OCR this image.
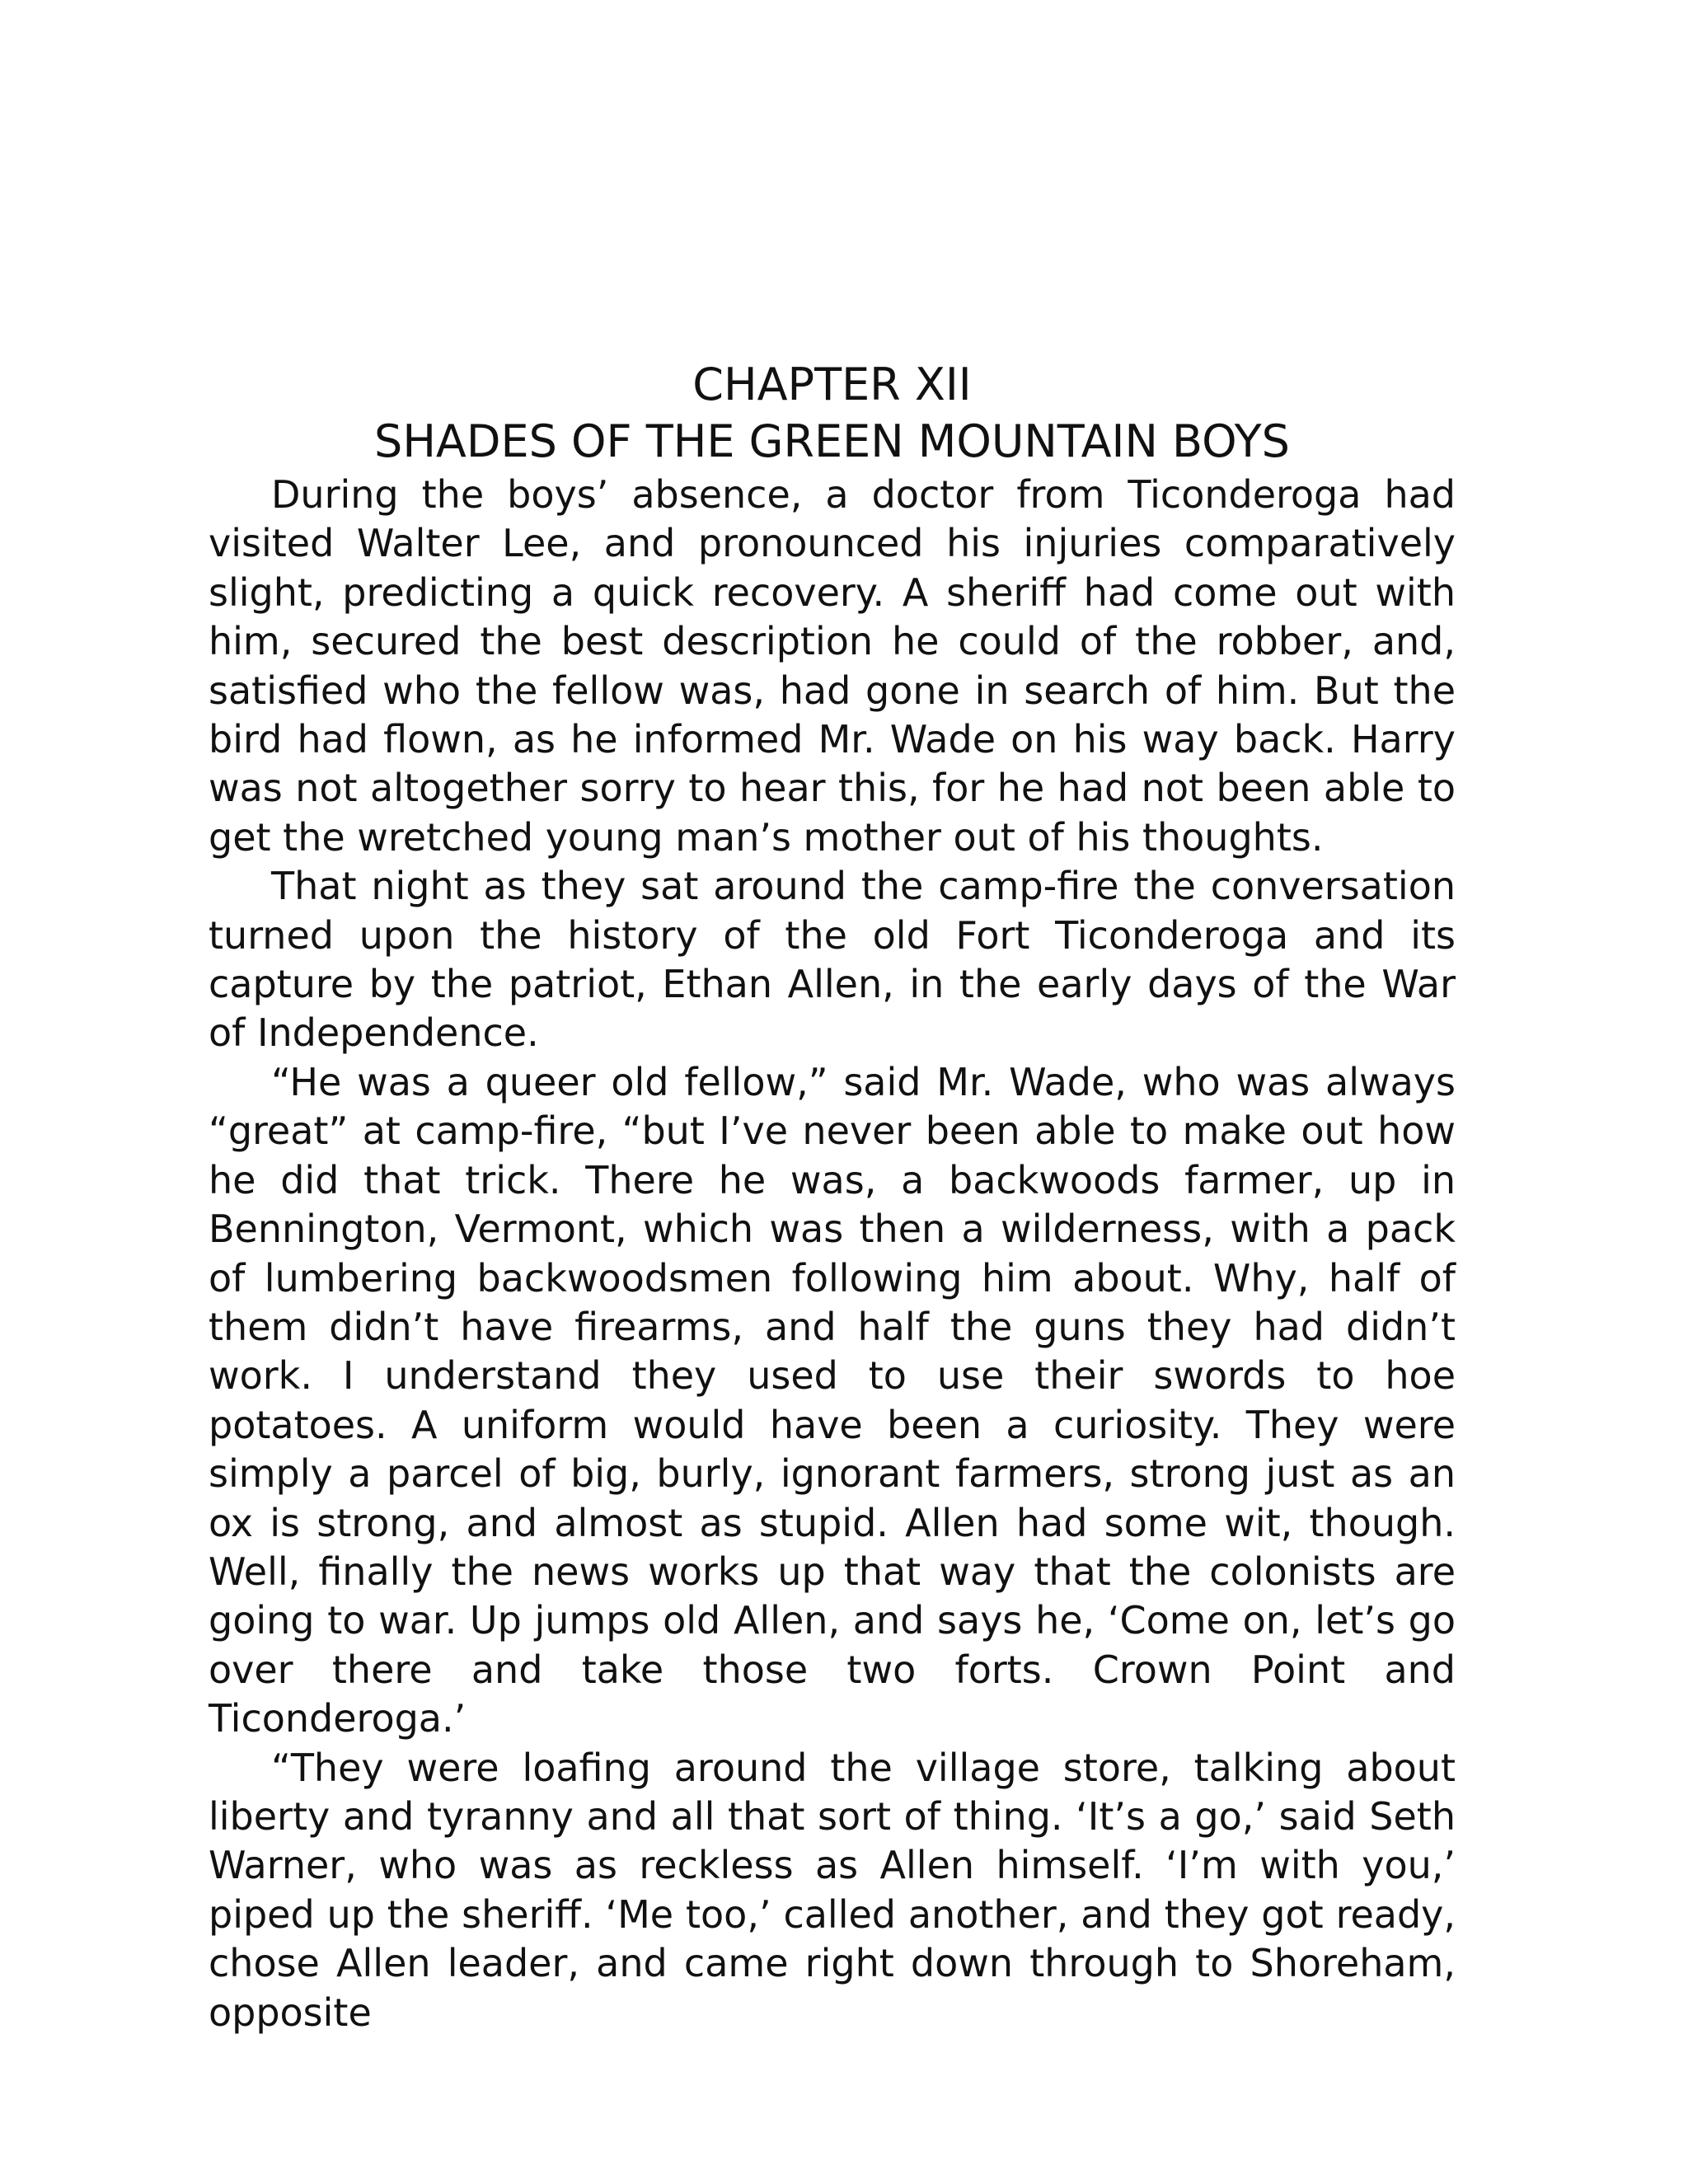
CHAPTER XII
SHADES OF THE GREEN MOUNTAIN BOYS

During the boys’ absence, a doctor from Ticonderoga had visited Walter Lee, and pronounced his injuries comparatively slight, predicting a quick recovery. A sheriff had come out with him, secured the best description he could of the robber, and, satisfied who the fellow was, had gone in search of him. But the bird had flown, as he informed Mr. Wade on his way back. Harry was not altogether sorry to hear this, for he had not been able to get the wretched young man’s mother out of his thoughts.

That night as they sat around the camp-fire the conversation turned upon the history of the old Fort Ticonderoga and its capture by the patriot, Ethan Allen, in the early days of the War of Independence.

“He was a queer old fellow,” said Mr. Wade, who was always “great” at camp-fire, “but I’ve never been able to make out how he did that trick. There he was, a backwoods farmer, up in Bennington, Vermont, which was then a wilderness, with a pack of lumbering backwoodsmen following him about. Why, half of them didn’t have firearms, and half the guns they had didn’t work. I understand they used to use their swords to hoe potatoes. A uniform would have been a curiosity. They were simply a parcel of big, burly, ignorant farmers, strong just as an ox is strong, and almost as stupid. Allen had some wit, though. Well, finally the news works up that way that the colonists are going to war. Up jumps old Allen, and says he, ‘Come on, let’s go over there and take those two forts. Crown Point and Ticonderoga.’

“They were loafing around the village store, talking about liberty and tyranny and all that sort of thing. ‘It’s a go,’ said Seth Warner, who was as reckless as Allen himself. ‘I’m with you,’ piped up the sheriff. ‘Me too,’ called another, and they got ready, chose Allen leader, and came right down through to Shoreham, opposite
